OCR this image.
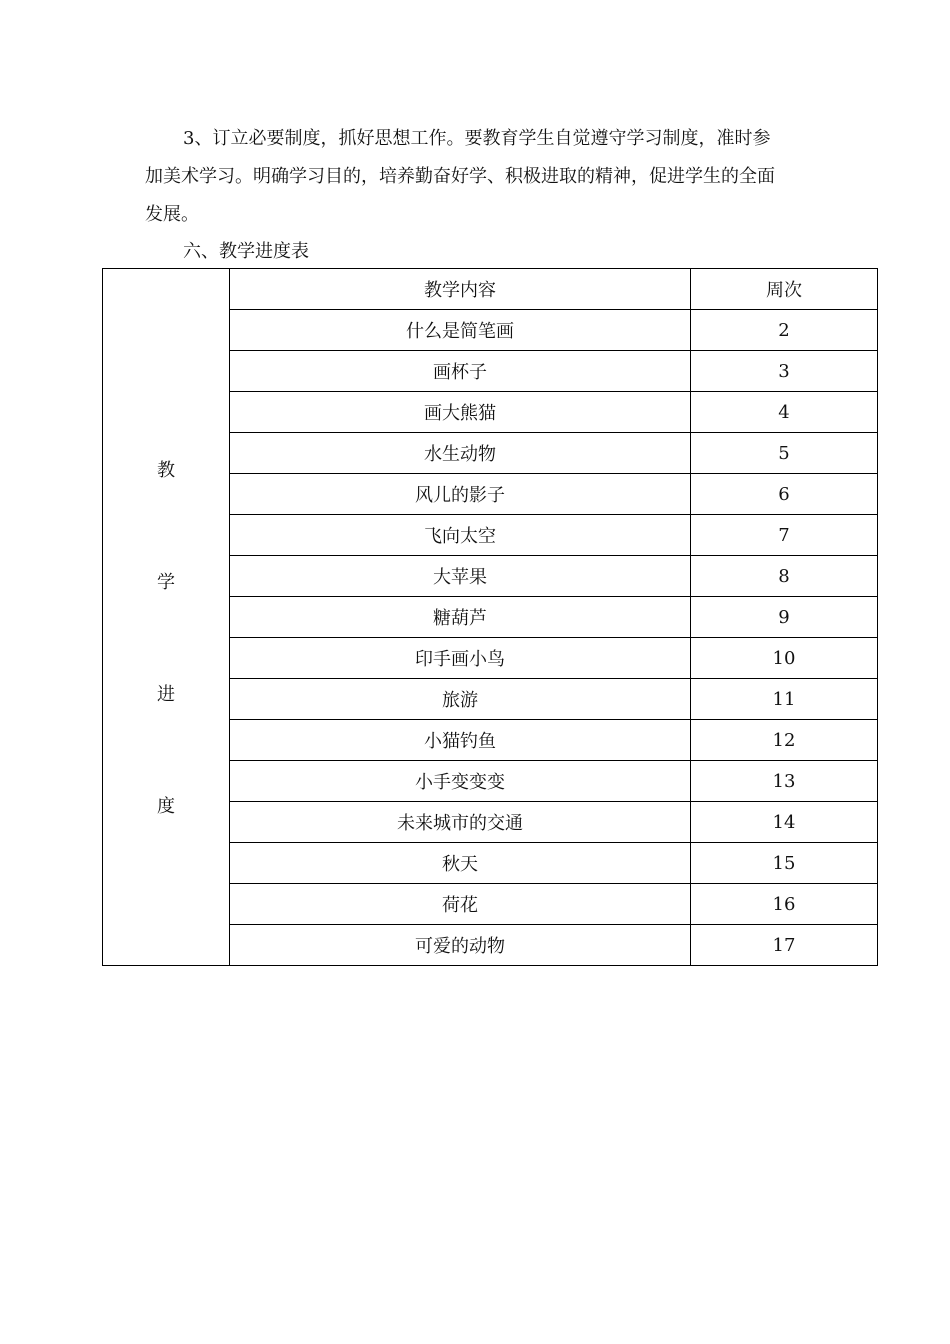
3、订立必要制度，抓好思想工作。要教育学生自觉遵守学习制度，准时参
加美术学习。明确学习目的，培养勤奋好学、积极进取的精神，促进学生的全面
发展。

六、教学进度表

教
学
进
度	教学内容	周次
	什么是简笔画	2
	画杯子	3
	画大熊猫	4
	水生动物	5
	风儿的影子	6
	飞向太空	7
	大苹果	8
	糖葫芦	9
	印手画小鸟	10
	旅游	11
	小猫钓鱼	12
	小手变变变	13
	未来城市的交通	14
	秋天	15
	荷花	16
	可爱的动物	17
